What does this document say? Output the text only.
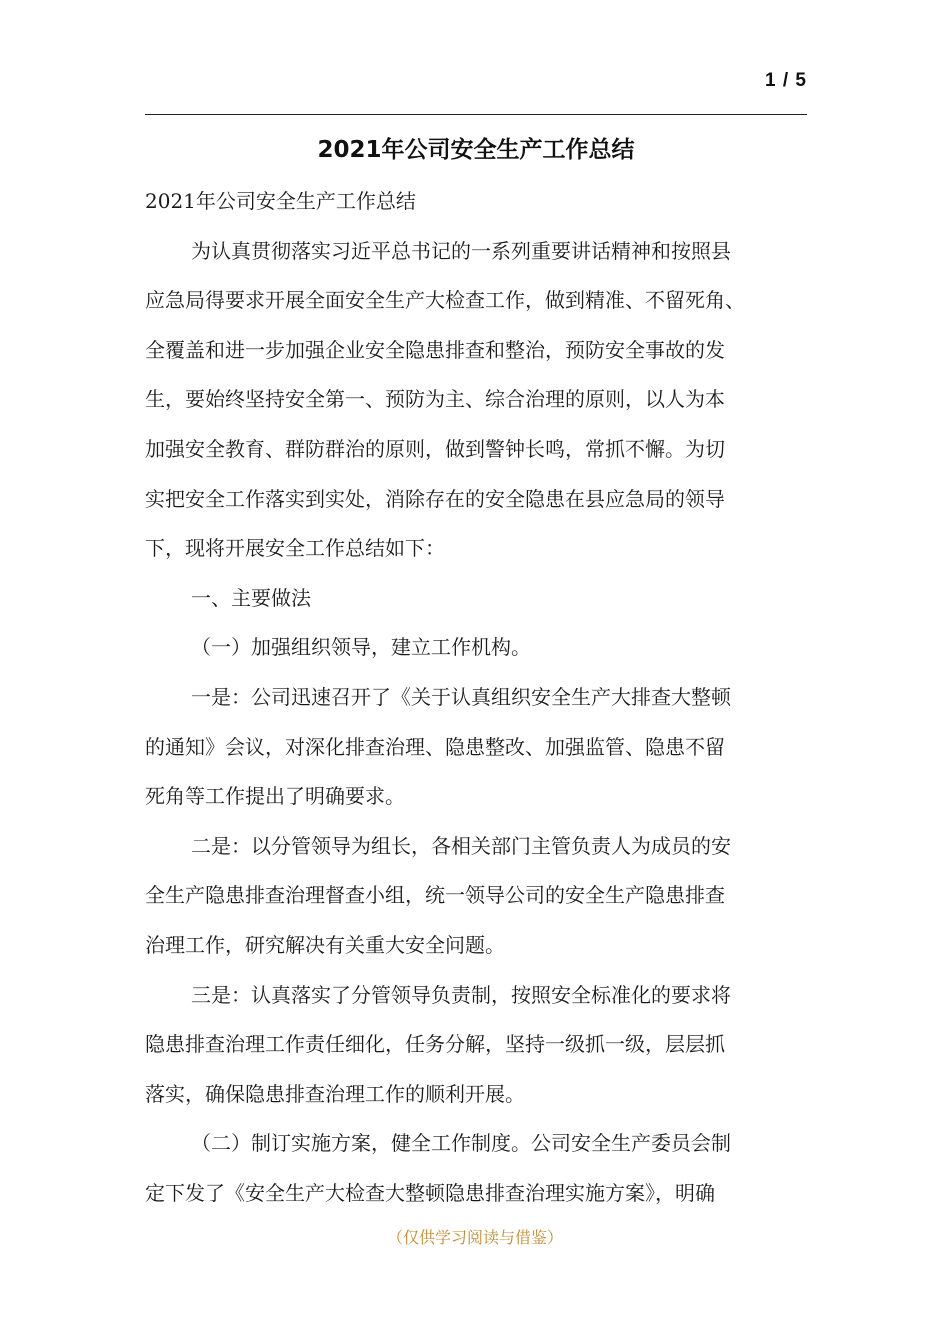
1 / 5
2021年公司安全生产工作总结

2021年公司安全生产工作总结

为认真贯彻落实习近平总书记的一系列重要讲话精神和按照县

应急局得要求开展全面安全生产大检查工作，做到精准、不留死角、

全覆盖和进一步加强企业安全隐患排查和整治，预防安全事故的发

生，要始终坚持安全第一、预防为主、综合治理的原则，以人为本

加强安全教育、群防群治的原则，做到警钟长鸣，常抓不懈。为切

实把安全工作落实到实处，消除存在的安全隐患在县应急局的领导

下，现将开展安全工作总结如下：

一、主要做法

（一）加强组织领导，建立工作机构。

一是：公司迅速召开了《关于认真组织安全生产大排查大整顿

的通知》会议，对深化排查治理、隐患整改、加强监管、隐患不留

死角等工作提出了明确要求。

二是：以分管领导为组长，各相关部门主管负责人为成员的安

全生产隐患排查治理督查小组，统一领导公司的安全生产隐患排查

治理工作，研究解决有关重大安全问题。

三是：认真落实了分管领导负责制，按照安全标准化的要求将

隐患排查治理工作责任细化，任务分解，坚持一级抓一级，层层抓

落实，确保隐患排查治理工作的顺利开展。

（二）制订实施方案，健全工作制度。公司安全生产委员会制

定下发了《安全生产大检查大整顿隐患排查治理实施方案》，明确

（仅供学习阅读与借鉴）
